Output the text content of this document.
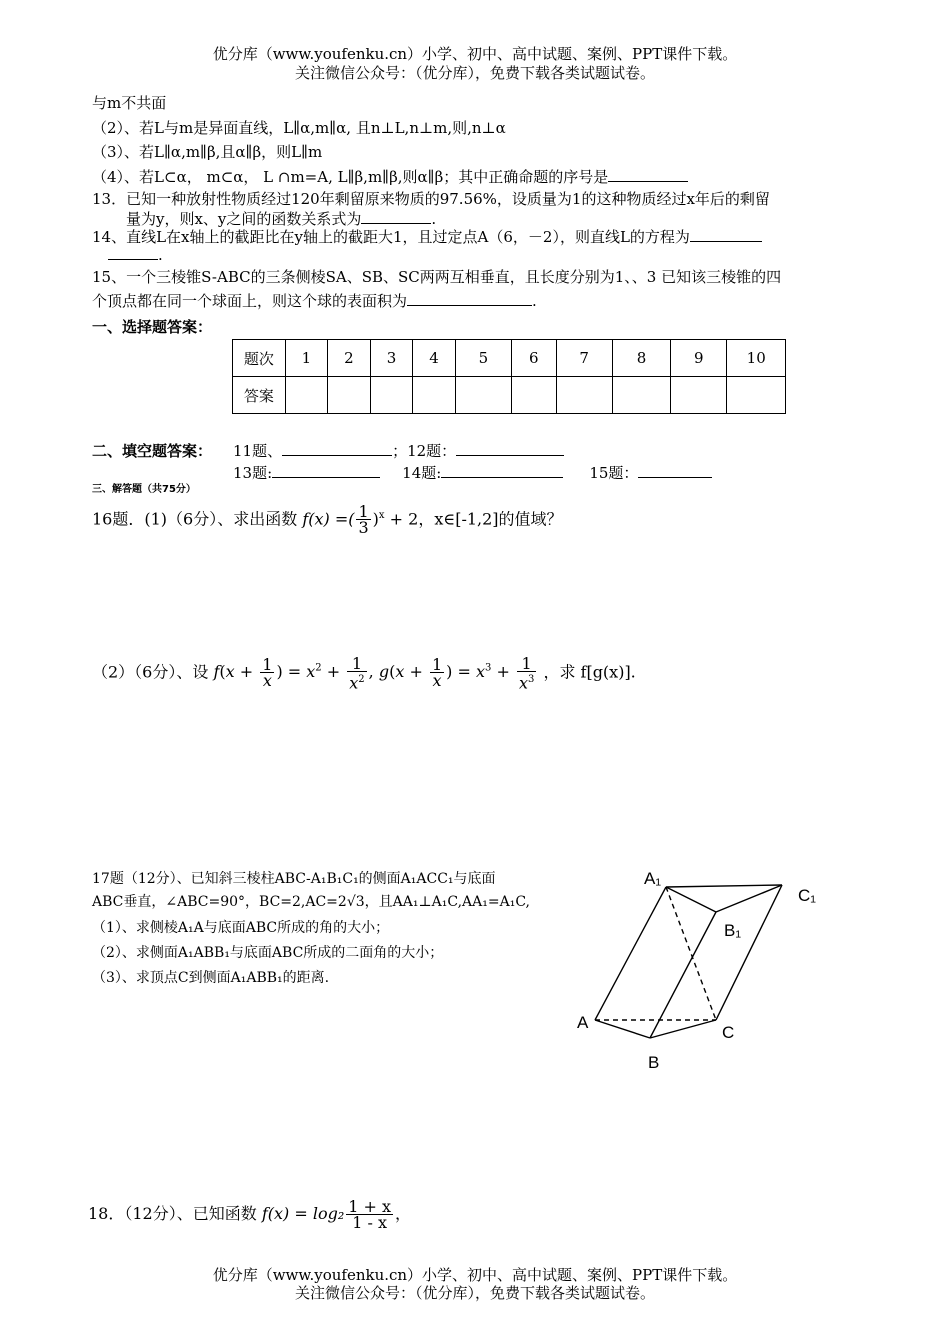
优分库（www.youfenku.cn）小学、初中、高中试题、案例、PPT课件下载。
关注微信公众号：（优分库），免费下载各类试题试卷。
与m不共面
（2）、若L与m是异面直线，L∥α,m∥α, 且n⊥L,n⊥m,则,n⊥α
（3）、若L∥α,m∥β,且α∥β，则L∥m
（4）、若L⊂α， m⊂α， L ∩m=A, L∥β,m∥β,则α∥β；其中正确命题的序号是
13．已知一种放射性物质经过120年剩留原来物质的97.56%，设质量为1的这种物质经过x年后的剩留
量为y，则x、y之间的函数关系式为	.
14、直线L在x轴上的截距比在y轴上的截距大1，且过定点A（6，－2），则直线L的方程为
.
15、一个三棱锥S-ABC的三条侧棱SA、SB、SC两两互相垂直，且长度分别为1、、3 已知该三棱锥的四
个顶点都在同一个球面上，则这个球的表面积为	.
一、选择题答案：
题次	1	2	3	4	5	6	7	8	9	10
答案										
二、填空题答案： 11题、	；12题：
13题:	14题:	15题：
三、解答题（共75分）
16题．(1)（6分）、求出函数 f(x) =( $\frac{1}{3} )^x + 2$，x∈[-1,2]的值域？
（2）（6分）、设 $f(x + \frac{1}{x}$ ) = $x^2 + \frac{1}{x^2}$ , $g(x + \frac{1}{x}$ ) = $x^3 + \frac{1}{x^3}$ ，求 f[g(x)].
17题（12分）、已知斜三棱柱ABC-A₁B₁C₁的侧面A₁ACC₁与底面
ABC垂直，∠ABC=90°，BC=2,AC=2√3，且AA₁⊥A₁C,AA₁=A₁C,
（1）、求侧棱A₁A与底面ABC所成的角的大小；
（2）、求侧面A₁ABB₁与底面ABC所成的二面角的大小；
（3）、求顶点C到侧面A₁ABB₁的距离.
A₁
B₁
C₁
A
B
C
18．（12分）、已知函数 $f(x) = \log_2 \frac{1 + x}{1 - x}$ ，
优分库（www.youfenku.cn）小学、初中、高中试题、案例、PPT课件下载。
关注微信公众号：（优分库），免费下载各类试题试卷。
